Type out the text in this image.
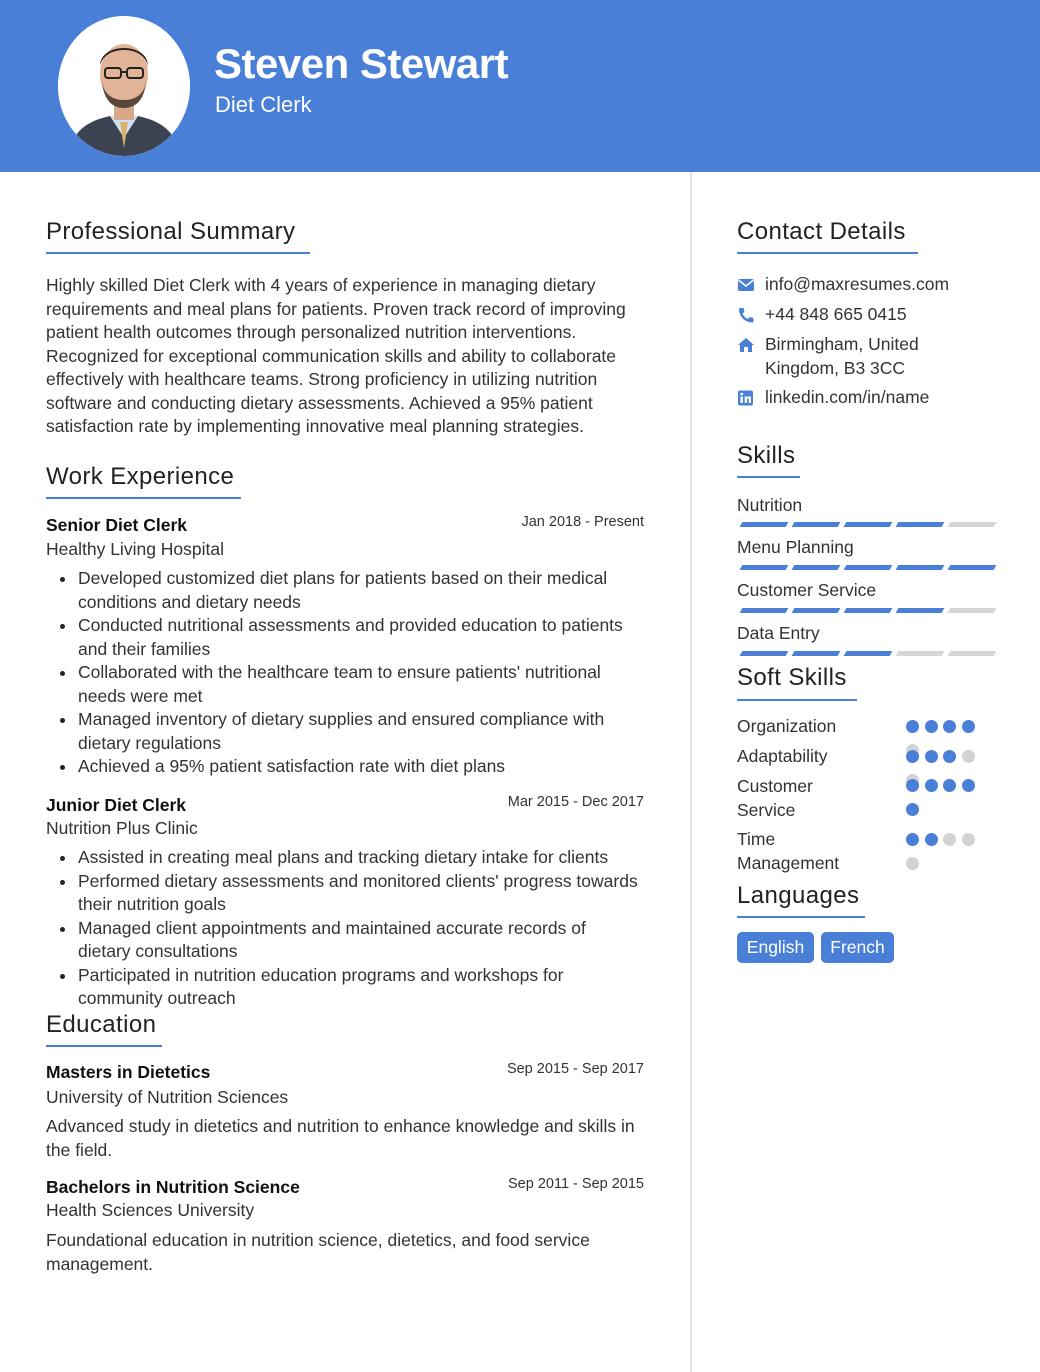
Steven Stewart
Diet Clerk
Professional Summary
Highly skilled Diet Clerk with 4 years of experience in managing dietary requirements and meal plans for patients. Proven track record of improving patient health outcomes through personalized nutrition interventions. Recognized for exceptional communication skills and ability to collaborate effectively with healthcare teams. Strong proficiency in utilizing nutrition software and conducting dietary assessments. Achieved a 95% patient satisfaction rate by implementing innovative meal planning strategies.
Work Experience
Senior Diet Clerk	Jan 2018 - Present
Healthy Living Hospital
Developed customized diet plans for patients based on their medical conditions and dietary needs
Conducted nutritional assessments and provided education to patients and their families
Collaborated with the healthcare team to ensure patients' nutritional needs were met
Managed inventory of dietary supplies and ensured compliance with dietary regulations
Achieved a 95% patient satisfaction rate with diet plans
Junior Diet Clerk	Mar 2015 - Dec 2017
Nutrition Plus Clinic
Assisted in creating meal plans and tracking dietary intake for clients
Performed dietary assessments and monitored clients' progress towards their nutrition goals
Managed client appointments and maintained accurate records of dietary consultations
Participated in nutrition education programs and workshops for community outreach
Education
Masters in Dietetics	Sep 2015 - Sep 2017
University of Nutrition Sciences
Advanced study in dietetics and nutrition to enhance knowledge and skills in the field.
Bachelors in Nutrition Science	Sep 2011 - Sep 2015
Health Sciences University
Foundational education in nutrition science, dietetics, and food service management.
Contact Details
info@maxresumes.com
+44 848 665 0415
Birmingham, United Kingdom, B3 3CC
linkedin.com/in/name
Skills
Nutrition
Menu Planning
Customer Service
Data Entry
Soft Skills
Organization
Adaptability
Customer Service
Time Management
Languages
English	French
